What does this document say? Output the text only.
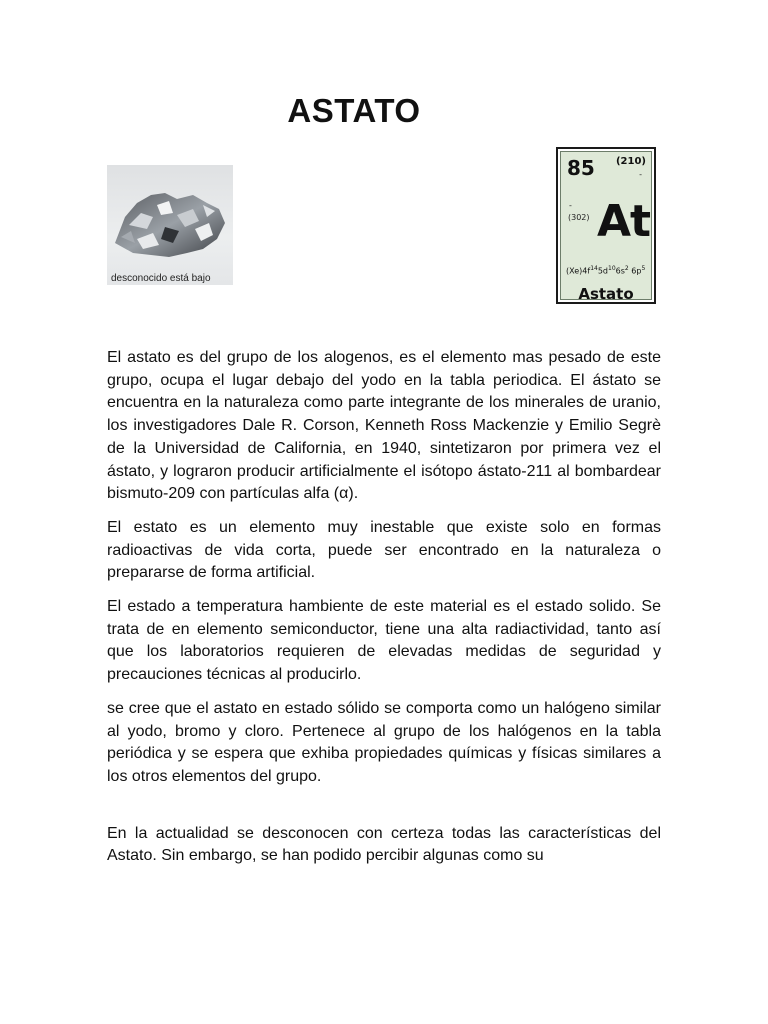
ASTATO
desconocido está bajo
85 (210)
-
-
(302) At
$(Xe)4f^{14}5d^{10}6s^2$ $6p^5$
Astato

El astato es del grupo de los alogenos, es el elemento mas pesado de este grupo, ocupa el lugar debajo del yodo en la tabla periodica. El ástato se encuentra en la naturaleza como parte integrante de los minerales de uranio, los investigadores Dale R. Corson, Kenneth Ross Mackenzie y Emilio Segrè de la Universidad de California, en 1940, sintetizaron por primera vez el ástato, y lograron producir artificialmente el isótopo ástato-211 al bombardear bismuto-209 con partículas alfa (α).

El estato es un elemento muy inestable que existe solo en formas radioactivas de vida corta, puede ser encontrado en la naturaleza o prepararse de forma artificial.

El estado a temperatura hambiente de este material es el estado solido. Se trata de en elemento semiconductor, tiene una alta radiactividad, tanto así que los laboratorios requieren de elevadas medidas de seguridad y precauciones técnicas al producirlo.

se cree que el astato en estado sólido se comporta como un halógeno similar al yodo, bromo y cloro. Pertenece al grupo de los halógenos en la tabla periódica y se espera que exhiba propiedades químicas y físicas similares a los otros elementos del grupo.

En la actualidad se desconocen con certeza todas las características del Astato. Sin embargo, se han podido percibir algunas como su
